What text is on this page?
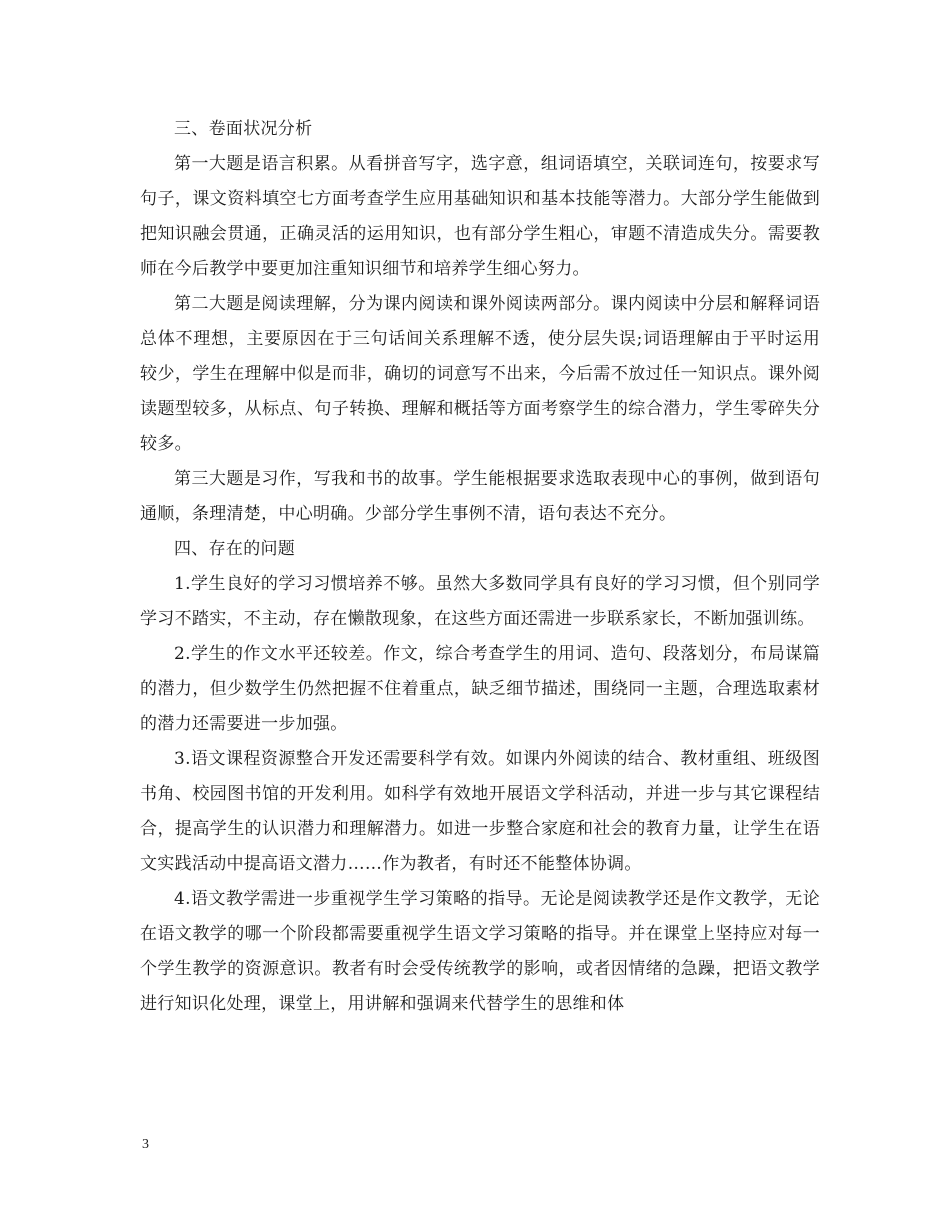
三、卷面状况分析

第一大题是语言积累。从看拼音写字，选字意，组词语填空，关联词连句，按要求写句子，课文资料填空七方面考查学生应用基础知识和基本技能等潜力。大部分学生能做到把知识融会贯通，正确灵活的运用知识，也有部分学生粗心，审题不清造成失分。需要教师在今后教学中要更加注重知识细节和培养学生细心努力。

第二大题是阅读理解，分为课内阅读和课外阅读两部分。课内阅读中分层和解释词语总体不理想，主要原因在于三句话间关系理解不透，使分层失误;词语理解由于平时运用较少，学生在理解中似是而非，确切的词意写不出来，今后需不放过任一知识点。课外阅读题型较多，从标点、句子转换、理解和概括等方面考察学生的综合潜力，学生零碎失分较多。

第三大题是习作，写我和书的故事。学生能根据要求选取表现中心的事例，做到语句通顺，条理清楚，中心明确。少部分学生事例不清，语句表达不充分。

四、存在的问题

1.学生良好的学习习惯培养不够。虽然大多数同学具有良好的学习习惯，但个别同学学习不踏实，不主动，存在懒散现象，在这些方面还需进一步联系家长，不断加强训练。

2.学生的作文水平还较差。作文，综合考查学生的用词、造句、段落划分，布局谋篇的潜力，但少数学生仍然把握不住着重点，缺乏细节描述，围绕同一主题，合理选取素材的潜力还需要进一步加强。

3.语文课程资源整合开发还需要科学有效。如课内外阅读的结合、教材重组、班级图书角、校园图书馆的开发利用。如科学有效地开展语文学科活动，并进一步与其它课程结合，提高学生的认识潜力和理解潜力。如进一步整合家庭和社会的教育力量，让学生在语文实践活动中提高语文潜力……作为教者，有时还不能整体协调。

4.语文教学需进一步重视学生学习策略的指导。无论是阅读教学还是作文教学，无论在语文教学的哪一个阶段都需要重视学生语文学习策略的指导。并在课堂上坚持应对每一个学生教学的资源意识。教者有时会受传统教学的影响，或者因情绪的急躁，把语文教学进行知识化处理，课堂上，用讲解和强调来代替学生的思维和体

3
